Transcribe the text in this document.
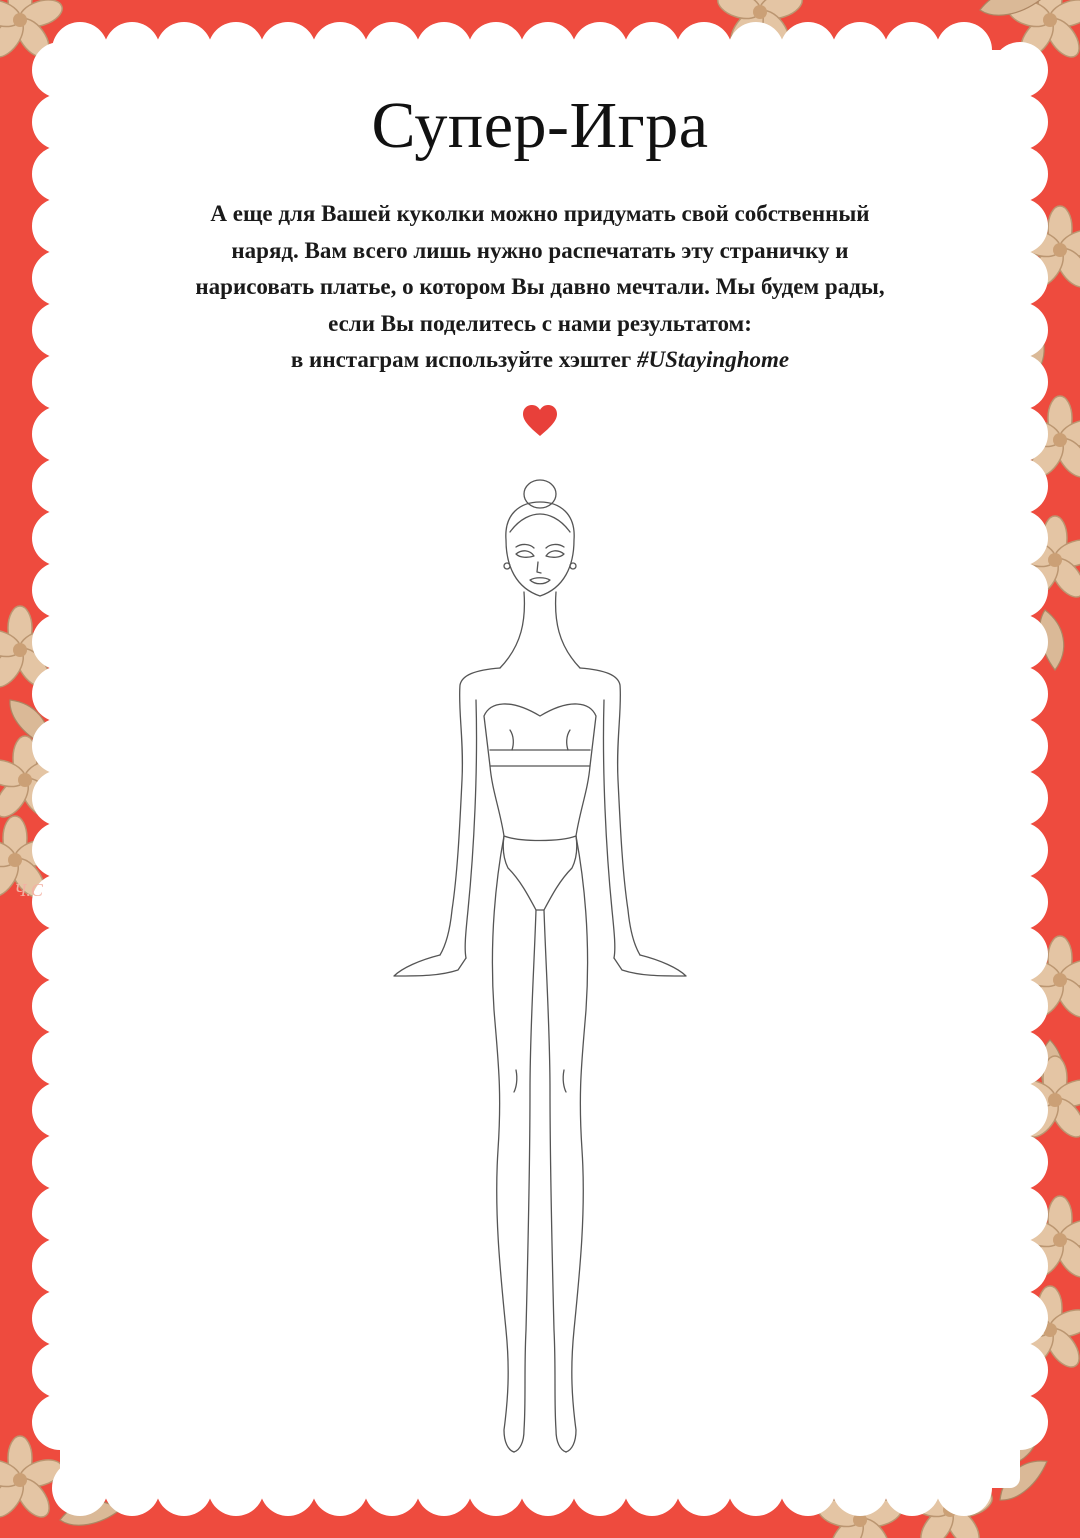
Супер-Игра
А еще для Вашей куколки можно придумать свой собственный
наряд. Вам всего лишь нужно распечатать эту страничку и
нарисовать платье, о котором Вы давно мечтали. Мы будем рады,
если Вы поделитесь с нами результатом:
в инстаграм используйте хэштег #UStayinghome
Ч.С
